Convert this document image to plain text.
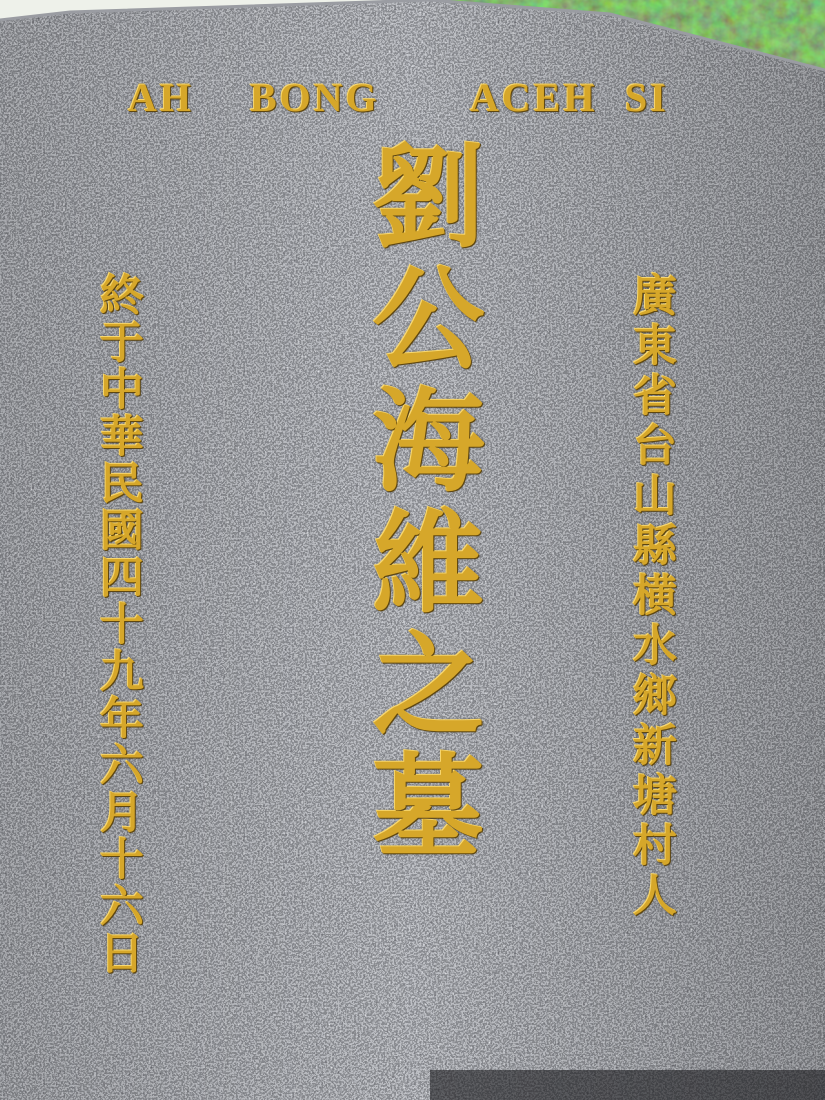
AH BONG ACEH SI
劉公海維之墓
終于中華民國四十九年六月十六日	廣東省台山縣横水鄉新塘村人
